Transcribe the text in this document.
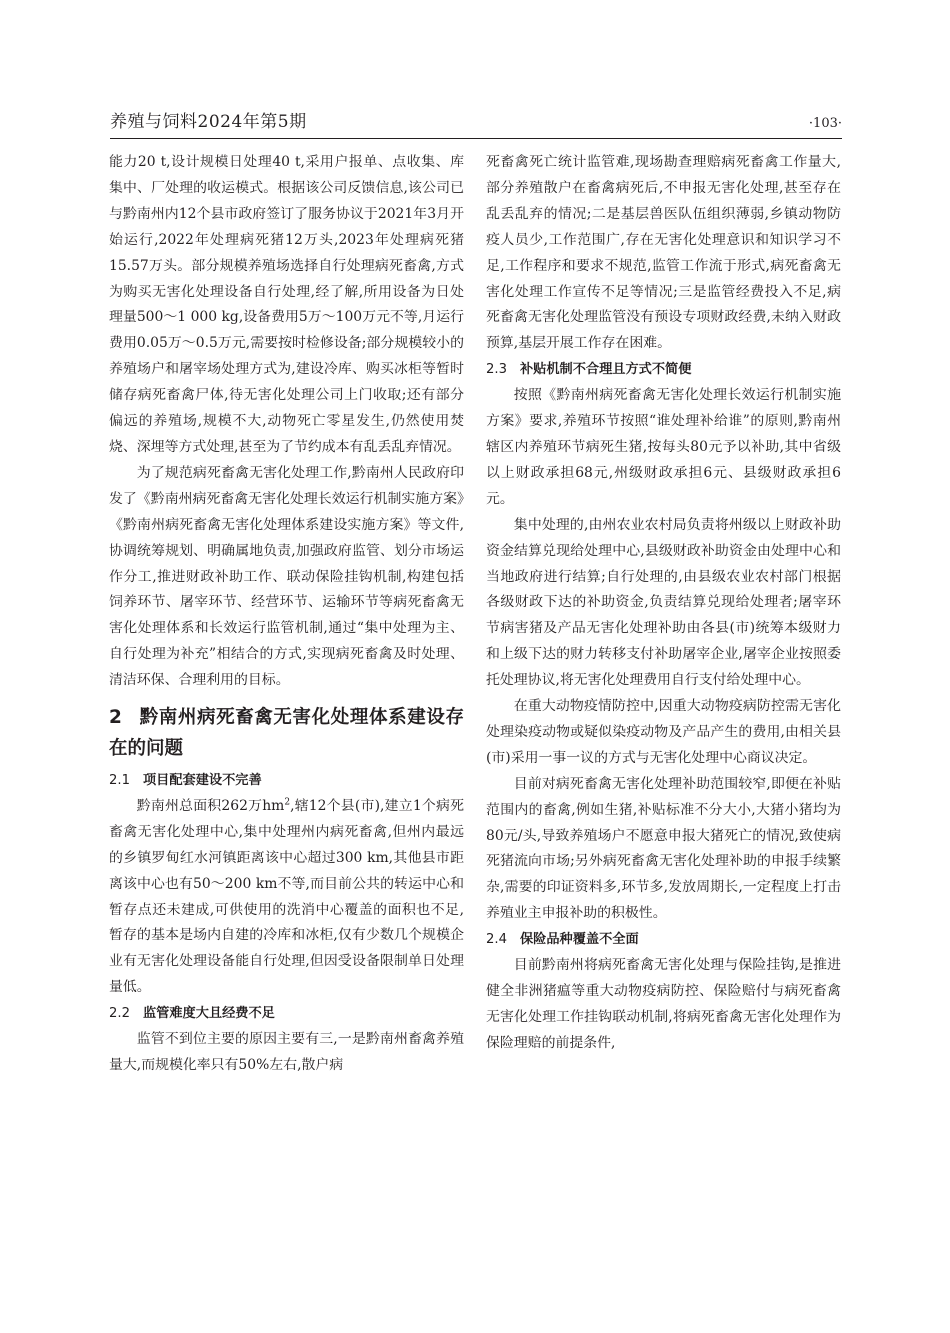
养殖与饲料2024年第5期	·103·

能力20 t,设计规模日处理40 t,采用户报单、点收集、库集中、厂处理的收运模式。根据该公司反馈信息,该公司已与黔南州内12个县市政府签订了服务协议于2021年3月开始运行,2022年处理病死猪12万头,2023年处理病死猪15.57万头。部分规模养殖场选择自行处理病死畜禽,方式为购买无害化处理设备自行处理,经了解,所用设备为日处理量500～1 000 kg,设备费用5万～100万元不等,月运行费用0.05万～0.5万元,需要按时检修设备;部分规模较小的养殖场户和屠宰场处理方式为,建设冷库、购买冰柜等暂时储存病死畜禽尸体,待无害化处理公司上门收取;还有部分偏远的养殖场,规模不大,动物死亡零星发生,仍然使用焚烧、深埋等方式处理,甚至为了节约成本有乱丢乱弃情况。

为了规范病死畜禽无害化处理工作,黔南州人民政府印发了《黔南州病死畜禽无害化处理长效运行机制实施方案》《黔南州病死畜禽无害化处理体系建设实施方案》等文件,协调统筹规划、明确属地负责,加强政府监管、划分市场运作分工,推进财政补助工作、联动保险挂钩机制,构建包括饲养环节、屠宰环节、经营环节、运输环节等病死畜禽无害化处理体系和长效运行监管机制,通过“集中处理为主、自行处理为补充”相结合的方式,实现病死畜禽及时处理、清洁环保、合理利用的目标。

2 黔南州病死畜禽无害化处理体系建设存在的问题
2.1 项目配套建设不完善

黔南州总面积262万$hm^2$,辖12个县(市),建立1个病死畜禽无害化处理中心,集中处理州内病死畜禽,但州内最远的乡镇罗甸红水河镇距离该中心超过300 km,其他县市距离该中心也有50～200 km不等,而目前公共的转运中心和暂存点还未建成,可供使用的洗消中心覆盖的面积也不足,暂存的基本是场内自建的冷库和冰柜,仅有少数几个规模企业有无害化处理设备能自行处理,但因受设备限制单日处理量低。

2.2 监管难度大且经费不足

监管不到位主要的原因主要有三,一是黔南州畜禽养殖量大,而规模化率只有50%左右,散户病

死畜禽死亡统计监管难,现场勘查理赔病死畜禽工作量大,部分养殖散户在畜禽病死后,不申报无害化处理,甚至存在乱丢乱弃的情况;二是基层兽医队伍组织薄弱,乡镇动物防疫人员少,工作范围广,存在无害化处理意识和知识学习不足,工作程序和要求不规范,监管工作流于形式,病死畜禽无害化处理工作宣传不足等情况;三是监管经费投入不足,病死畜禽无害化处理监管没有预设专项财政经费,未纳入财政预算,基层开展工作存在困难。

2.3 补贴机制不合理且方式不简便

按照《黔南州病死畜禽无害化处理长效运行机制实施方案》要求,养殖环节按照“谁处理补给谁”的原则,黔南州辖区内养殖环节病死生猪,按每头80元予以补助,其中省级以上财政承担68元,州级财政承担6元、县级财政承担6元。

集中处理的,由州农业农村局负责将州级以上财政补助资金结算兑现给处理中心,县级财政补助资金由处理中心和当地政府进行结算;自行处理的,由县级农业农村部门根据各级财政下达的补助资金,负责结算兑现给处理者;屠宰环节病害猪及产品无害化处理补助由各县(市)统筹本级财力和上级下达的财力转移支付补助屠宰企业,屠宰企业按照委托处理协议,将无害化处理费用自行支付给处理中心。

在重大动物疫情防控中,因重大动物疫病防控需无害化处理染疫动物或疑似染疫动物及产品产生的费用,由相关县(市)采用一事一议的方式与无害化处理中心商议决定。

目前对病死畜禽无害化处理补助范围较窄,即便在补贴范围内的畜禽,例如生猪,补贴标准不分大小,大猪小猪均为80元/头,导致养殖场户不愿意申报大猪死亡的情况,致使病死猪流向市场;另外病死畜禽无害化处理补助的申报手续繁杂,需要的印证资料多,环节多,发放周期长,一定程度上打击养殖业主申报补助的积极性。

2.4 保险品种覆盖不全面

目前黔南州将病死畜禽无害化处理与保险挂钩,是推进健全非洲猪瘟等重大动物疫病防控、保险赔付与病死畜禽无害化处理工作挂钩联动机制,将病死畜禽无害化处理作为保险理赔的前提条件,
